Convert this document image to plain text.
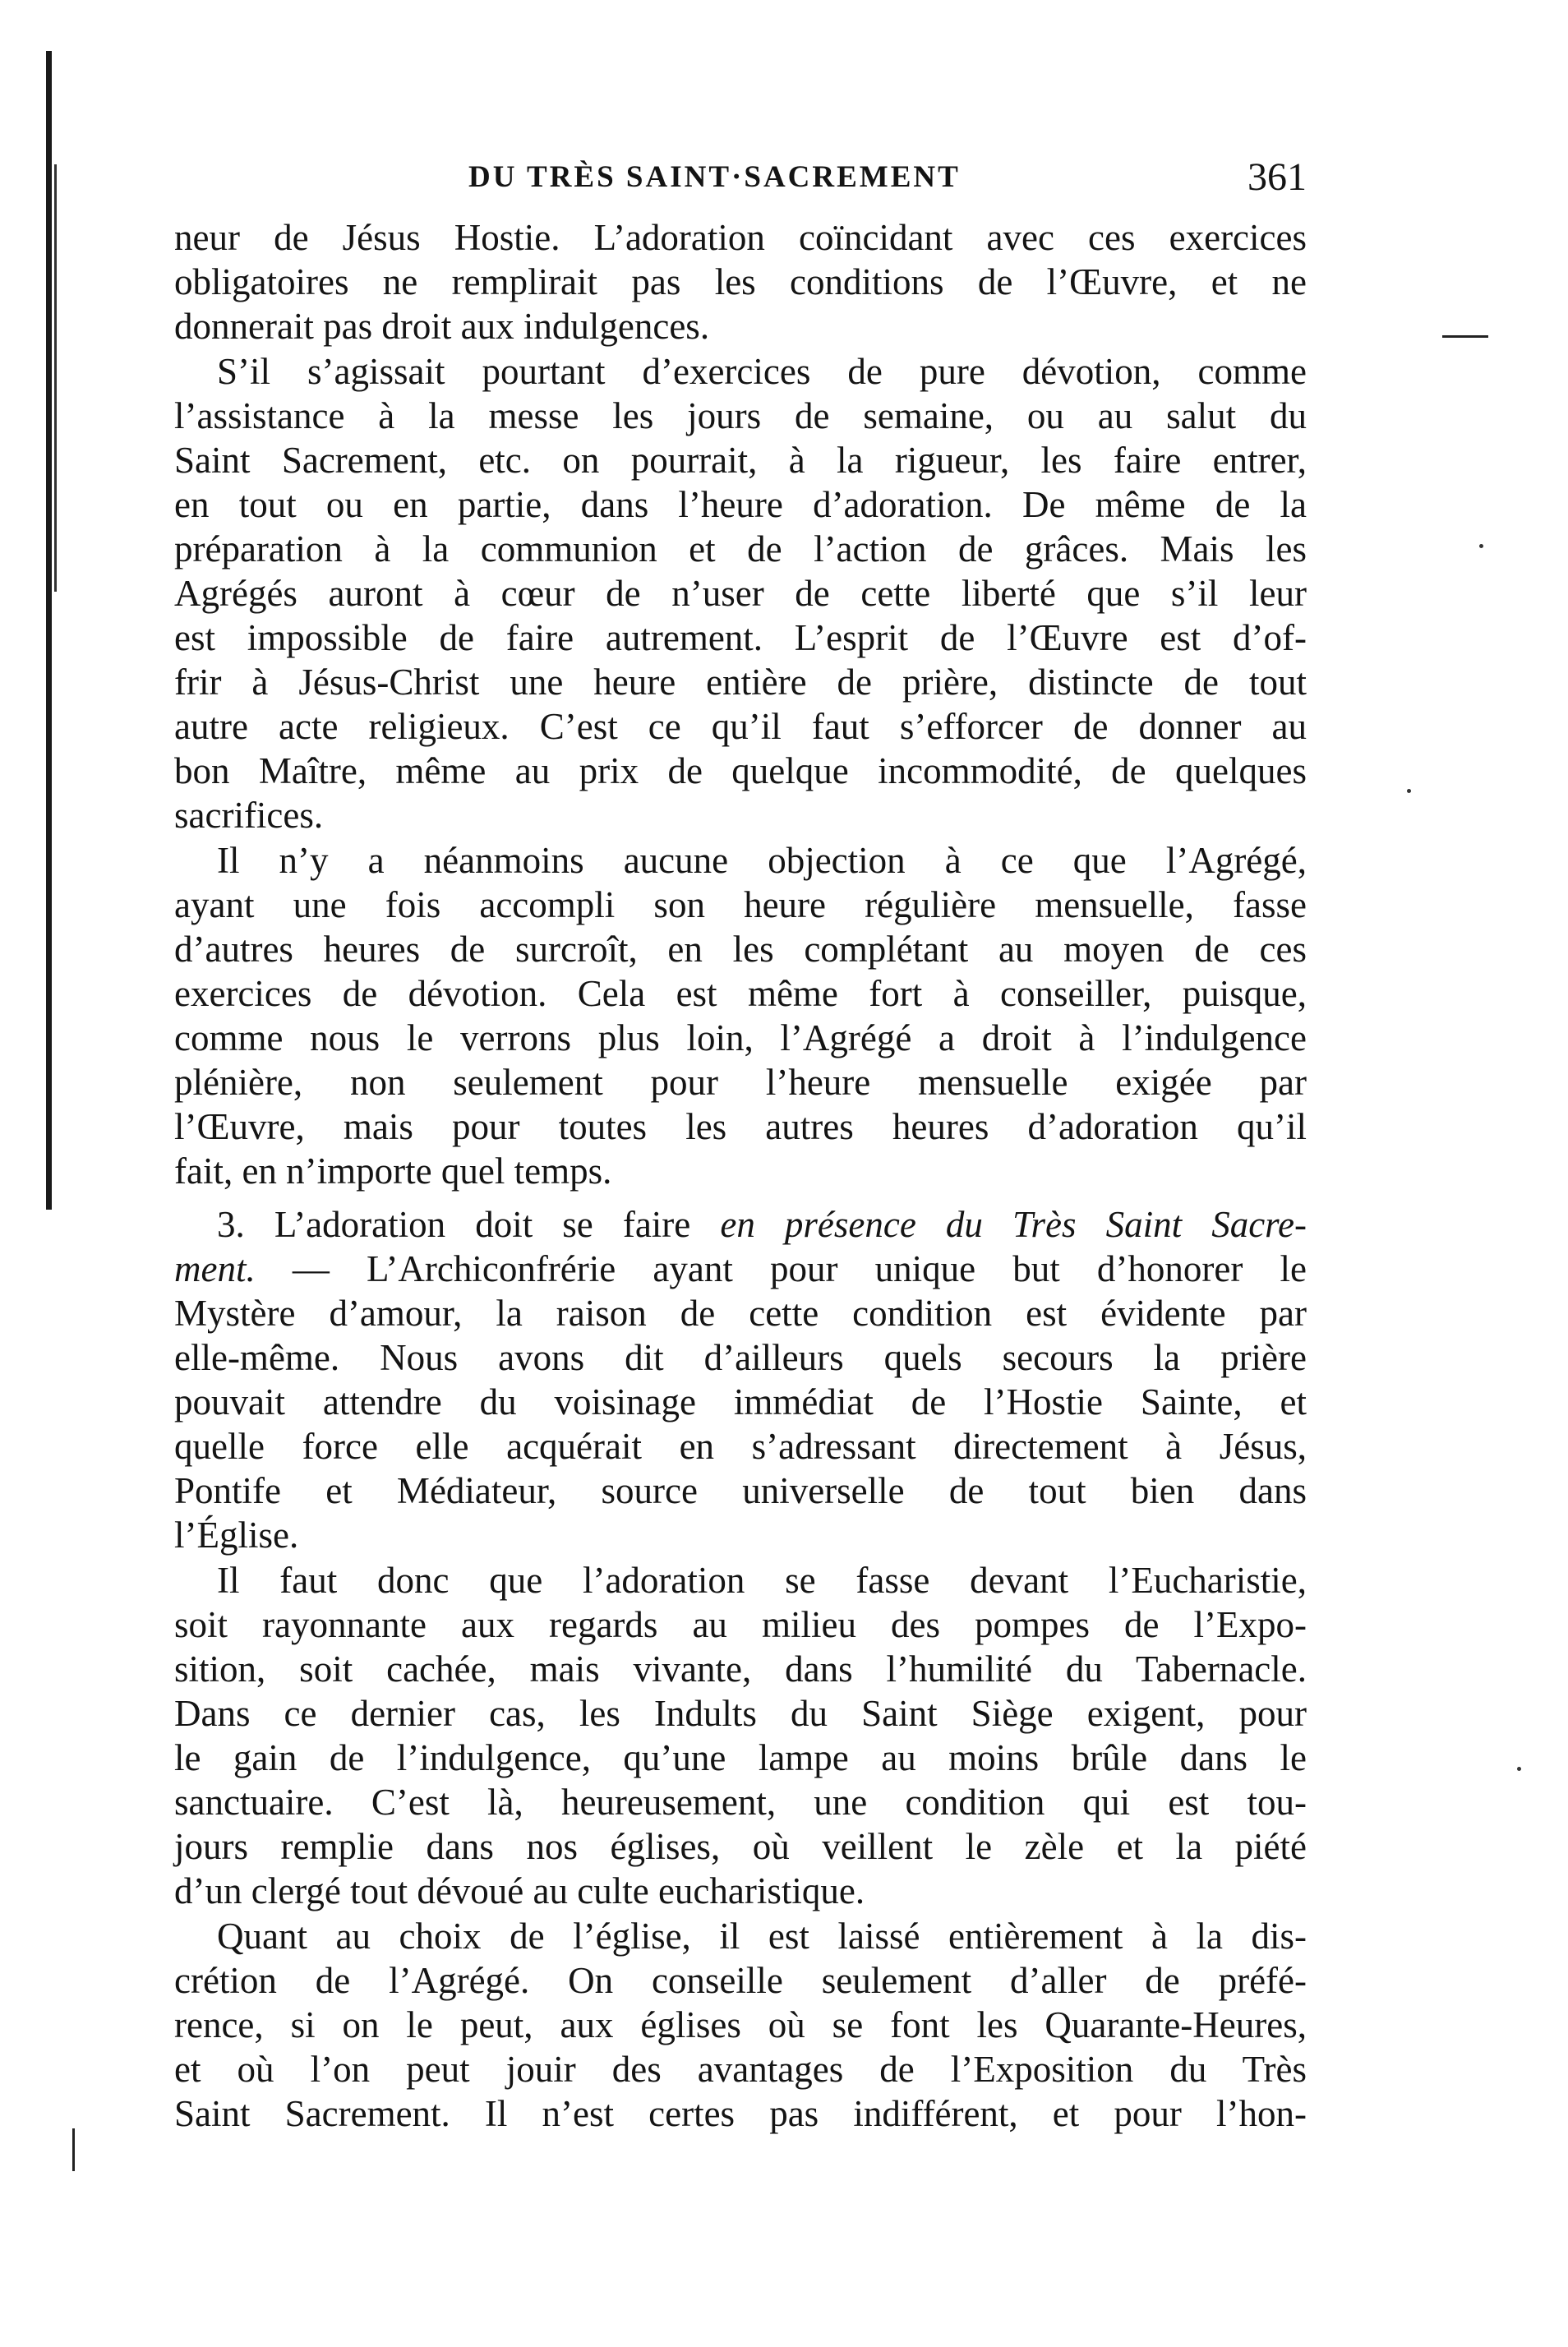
DU TRÈS SAINT·SACREMENT	361

neur de Jésus Hostie. L’adoration coïncidant avec ces exercices
obligatoires ne remplirait pas les conditions de l’Œuvre, et ne
donnerait pas droit aux indulgences.

S’il s’agissait pourtant d’exercices de pure dévotion, comme
l’assistance à la messe les jours de semaine, ou au salut du
Saint Sacrement, etc. on pourrait, à la rigueur, les faire entrer,
en tout ou en partie, dans l’heure d’adoration. De même de la
préparation à la communion et de l’action de grâces. Mais les
Agrégés auront à cœur de n’user de cette liberté que s’il leur
est impossible de faire autrement. L’esprit de l’Œuvre est d’of-
frir à Jésus-Christ une heure entière de prière, distincte de tout
autre acte religieux. C’est ce qu’il faut s’efforcer de donner au
bon Maître, même au prix de quelque incommodité, de quelques
sacrifices.

Il n’y a néanmoins aucune objection à ce que l’Agrégé,
ayant une fois accompli son heure régulière mensuelle, fasse
d’autres heures de surcroît, en les complétant au moyen de ces
exercices de dévotion. Cela est même fort à conseiller, puisque,
comme nous le verrons plus loin, l’Agrégé a droit à l’indulgence
plénière, non seulement pour l’heure mensuelle exigée par
l’Œuvre, mais pour toutes les autres heures d’adoration qu’il
fait, en n’importe quel temps.

3. L’adoration doit se faire en présence du Très Saint Sacre-
ment. — L’Archiconfrérie ayant pour unique but d’honorer le
Mystère d’amour, la raison de cette condition est évidente par
elle-même. Nous avons dit d’ailleurs quels secours la prière
pouvait attendre du voisinage immédiat de l’Hostie Sainte, et
quelle force elle acquérait en s’adressant directement à Jésus,
Pontife et Médiateur, source universelle de tout bien dans
l’Église.

Il faut donc que l’adoration se fasse devant l’Eucharistie,
soit rayonnante aux regards au milieu des pompes de l’Expo-
sition, soit cachée, mais vivante, dans l’humilité du Tabernacle.
Dans ce dernier cas, les Indults du Saint Siège exigent, pour
le gain de l’indulgence, qu’une lampe au moins brûle dans le
sanctuaire. C’est là, heureusement, une condition qui est tou-
jours remplie dans nos églises, où veillent le zèle et la piété
d’un clergé tout dévoué au culte eucharistique.

Quant au choix de l’église, il est laissé entièrement à la dis-
crétion de l’Agrégé. On conseille seulement d’aller de préfé-
rence, si on le peut, aux églises où se font les Quarante-Heures,
et où l’on peut jouir des avantages de l’Exposition du Très
Saint Sacrement. Il n’est certes pas indifférent, et pour l’hon-
